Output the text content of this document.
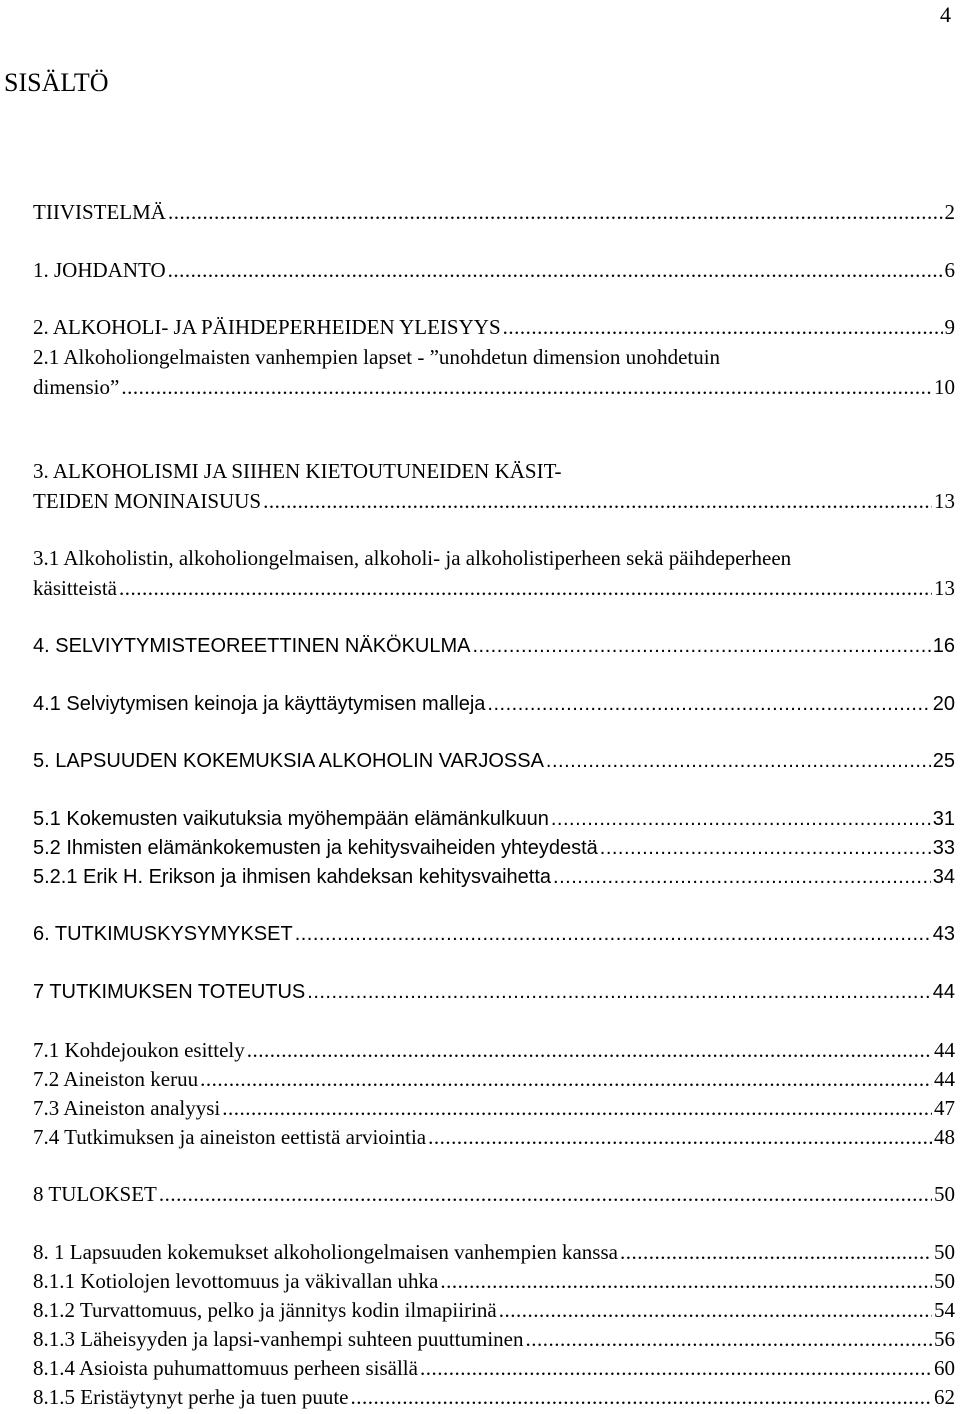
4
SISÄLTÖ
TIIVISTELMÄ .....	2
1. JOHDANTO .....	6
2. ALKOHOLI- JA PÄIHDEPERHEIDEN YLEISYYS .....	9
2.1 Alkoholiongelmaisten vanhempien lapset - ”unohdetun dimension unohdetuin
dimensio” .....	10
3. ALKOHOLISMI JA SIIHEN KIETOUTUNEIDEN KÄSIT-
TEIDEN MONINAISUUS .....	13
3.1 Alkoholistin, alkoholiongelmaisen, alkoholi- ja alkoholistiperheen sekä päihdeperheen
käsitteistä .....	13
4. SELVIYTYMISTEOREETTINEN NÄKÖKULMA .....	16
4.1 Selviytymisen keinoja ja käyttäytymisen malleja .....	20
5. LAPSUUDEN KOKEMUKSIA ALKOHOLIN VARJOSSA .....	25
5.1 Kokemusten vaikutuksia myöhempään elämänkulkuun .....	31
5.2 Ihmisten elämänkokemusten ja kehitysvaiheiden yhteydestä .....	33
5.2.1 Erik H. Erikson ja ihmisen kahdeksan kehitysvaihetta .....	34
6. TUTKIMUSKYSYMYKSET .....	43
7 TUTKIMUKSEN TOTEUTUS .....	44
7.1 Kohdejoukon esittely .....	44
7.2 Aineiston keruu .....	44
7.3 Aineiston analyysi .....	47
7.4 Tutkimuksen ja aineiston eettistä arviointia .....	48
8 TULOKSET .....	50
8. 1 Lapsuuden kokemukset alkoholiongelmaisen vanhempien kanssa .....	50
8.1.1 Kotiolojen levottomuus ja väkivallan uhka .....	50
8.1.2 Turvattomuus, pelko ja jännitys kodin ilmapiirinä .....	54
8.1.3 Läheisyyden ja lapsi-vanhempi suhteen puuttuminen .....	56
8.1.4 Asioista puhumattomuus perheen sisällä .....	60
8.1.5 Eristäytynyt perhe ja tuen puute .....	62
